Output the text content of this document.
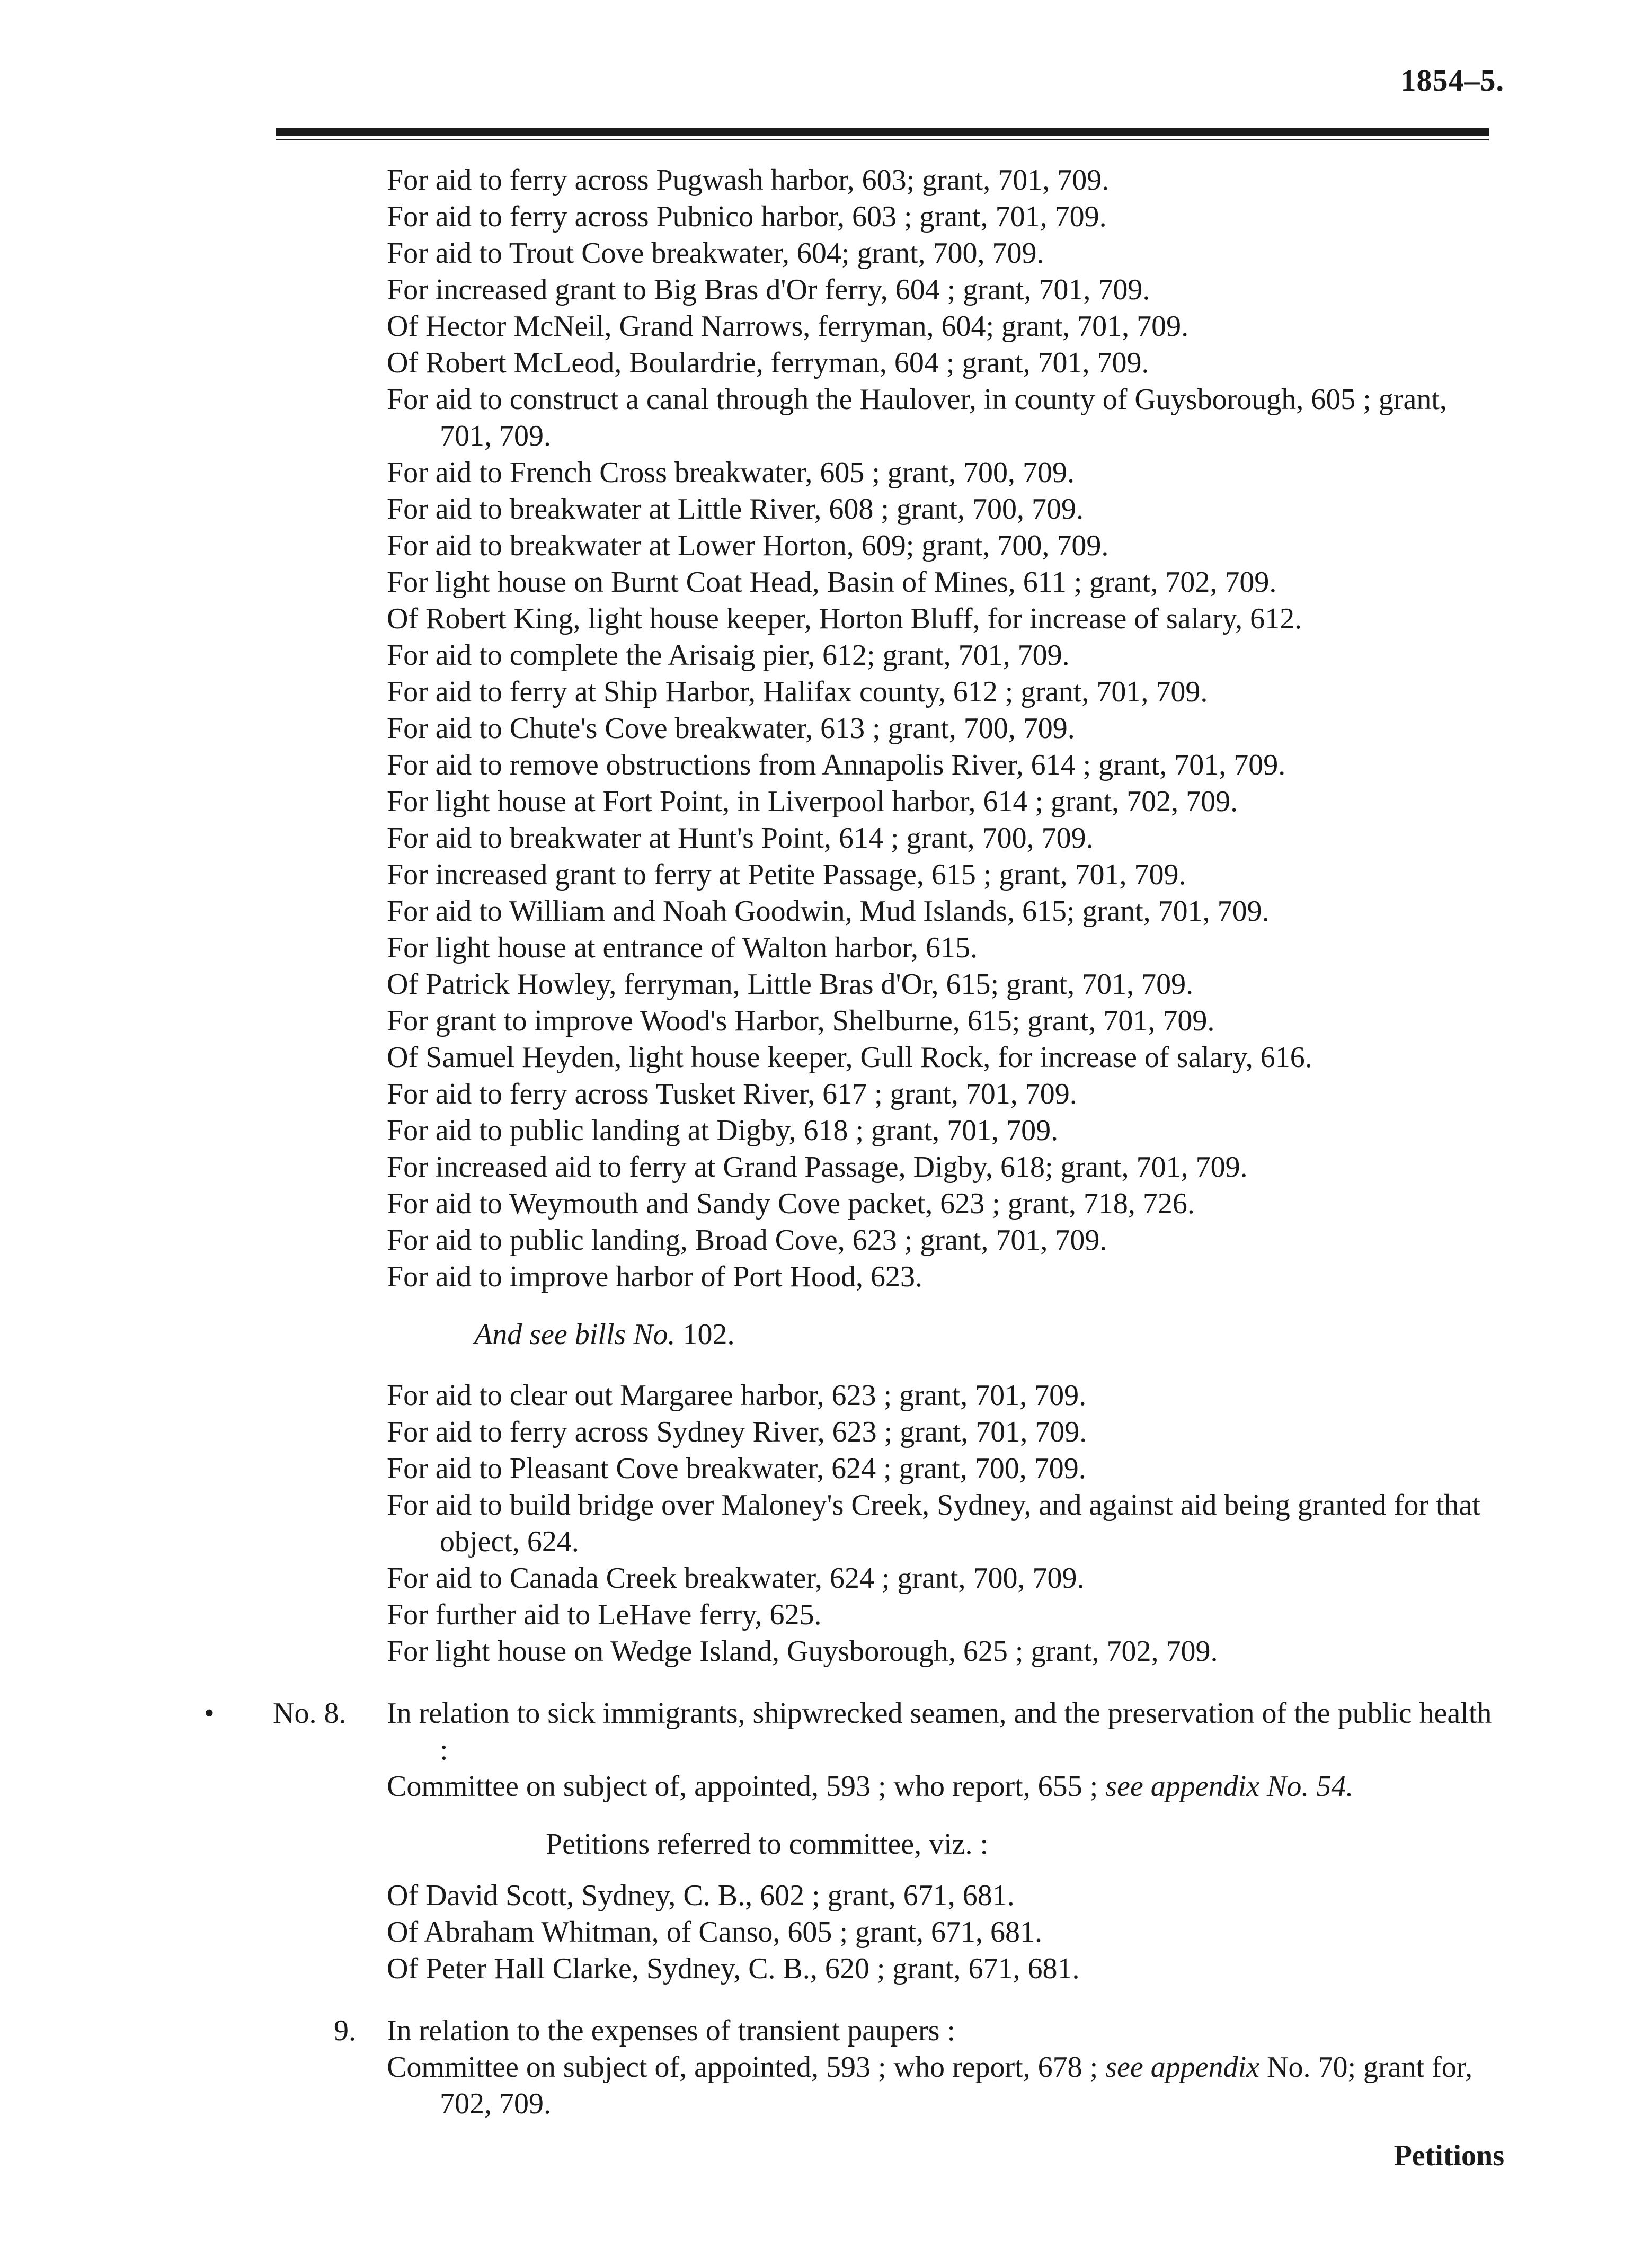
1854–5.

For aid to ferry across Pugwash harbor, 603; grant, 701, 709.

For aid to ferry across Pubnico harbor, 603 ; grant, 701, 709.

For aid to Trout Cove breakwater, 604; grant, 700, 709.

For increased grant to Big Bras d'Or ferry, 604 ; grant, 701, 709.

Of Hector McNeil, Grand Narrows, ferryman, 604; grant, 701, 709.

Of Robert McLeod, Boulardrie, ferryman, 604 ; grant, 701, 709.

For aid to construct a canal through the Haulover, in county of Guysborough, 605 ; grant, 701, 709.

For aid to French Cross breakwater, 605 ; grant, 700, 709.

For aid to breakwater at Little River, 608 ; grant, 700, 709.

For aid to breakwater at Lower Horton, 609; grant, 700, 709.

For light house on Burnt Coat Head, Basin of Mines, 611 ; grant, 702, 709.

Of Robert King, light house keeper, Horton Bluff, for increase of salary, 612.

For aid to complete the Arisaig pier, 612; grant, 701, 709.

For aid to ferry at Ship Harbor, Halifax county, 612 ; grant, 701, 709.

For aid to Chute's Cove breakwater, 613 ; grant, 700, 709.

For aid to remove obstructions from Annapolis River, 614 ; grant, 701, 709.

For light house at Fort Point, in Liverpool harbor, 614 ; grant, 702, 709.

For aid to breakwater at Hunt's Point, 614 ; grant, 700, 709.

For increased grant to ferry at Petite Passage, 615 ; grant, 701, 709.

For aid to William and Noah Goodwin, Mud Islands, 615; grant, 701, 709.

For light house at entrance of Walton harbor, 615.

Of Patrick Howley, ferryman, Little Bras d'Or, 615; grant, 701, 709.

For grant to improve Wood's Harbor, Shelburne, 615; grant, 701, 709.

Of Samuel Heyden, light house keeper, Gull Rock, for increase of salary, 616.

For aid to ferry across Tusket River, 617 ; grant, 701, 709.

For aid to public landing at Digby, 618 ; grant, 701, 709.

For increased aid to ferry at Grand Passage, Digby, 618; grant, 701, 709.

For aid to Weymouth and Sandy Cove packet, 623 ; grant, 718, 726.

For aid to public landing, Broad Cove, 623 ; grant, 701, 709.

For aid to improve harbor of Port Hood, 623.

And see bills No. 102.

For aid to clear out Margaree harbor, 623 ; grant, 701, 709.

For aid to ferry across Sydney River, 623 ; grant, 701, 709.

For aid to Pleasant Cove breakwater, 624 ; grant, 700, 709.

For aid to build bridge over Maloney's Creek, Sydney, and against aid being granted for that object, 624.

For aid to Canada Creek breakwater, 624 ; grant, 700, 709.

For further aid to LeHave ferry, 625.

For light house on Wedge Island, Guysborough, 625 ; grant, 702, 709.

• No. 8. In relation to sick immigrants, shipwrecked seamen, and the preservation of the public health :

Committee on subject of, appointed, 593 ; who report, 655 ; see appendix No. 54.

Petitions referred to committee, viz. :

Of David Scott, Sydney, C. B., 602 ; grant, 671, 681.

Of Abraham Whitman, of Canso, 605 ; grant, 671, 681.

Of Peter Hall Clarke, Sydney, C. B., 620 ; grant, 671, 681.

9. In relation to the expenses of transient paupers :

Committee on subject of, appointed, 593 ; who report, 678 ; see appendix No. 70; grant for, 702, 709.

Petitions
